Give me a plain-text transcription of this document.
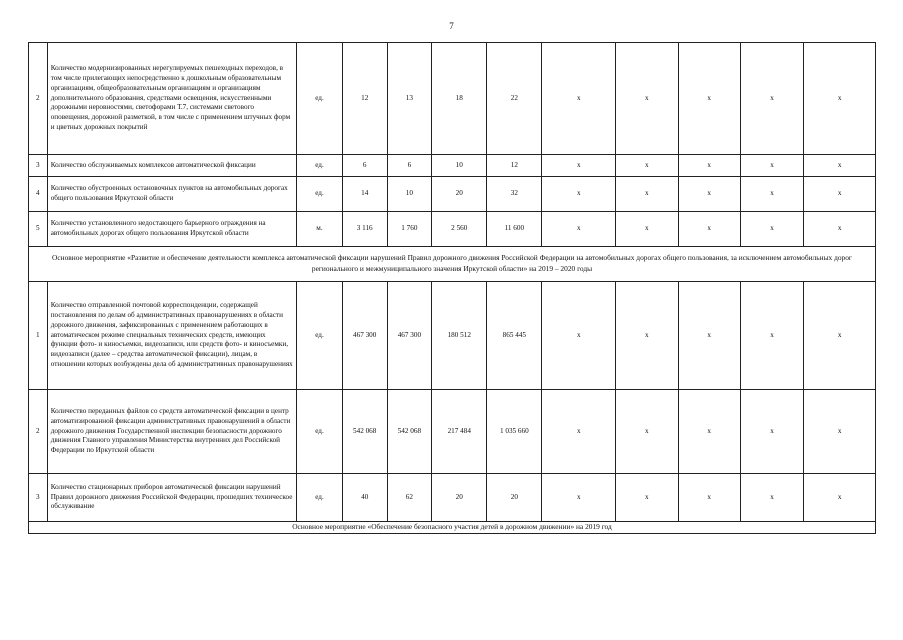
7
2	Количество модернизированных нерегулируемых пешеходных переходов, в том числе прилегающих непосредственно к дошкольным образовательным организациям, общеобразовательным организациям и организациям дополнительного образования, средствами освещения, искусственными дорожными неровностями, светофорами Т.7, системами светового оповещения, дорожной разметкой, в том числе с применением штучных форм и цветных дорожных покрытий	ед.	12	13	18	22	x	x	x	x	x
3	Количество обслуживаемых комплексов автоматической фиксации	ед.	6	6	10	12	x	x	x	x	x
4	Количество обустроенных остановочных пунктов на автомобильных дорогах общего пользования Иркутской области	ед.	14	10	20	32	x	x	x	x	x
5	Количество установленного недостающего барьерного ограждения на автомобильных дорогах общего пользования Иркутской области	м.	3 116	1 760	2 560	11 600	x	x	x	x	x
Основное мероприятие «Развитие и обеспечение деятельности комплекса автоматической фиксации нарушений Правил дорожного движения Российской Федерации на автомобильных дорогах общего пользования, за исключением автомобильных дорог регионального и межмуниципального значения Иркутской области» на 2019 – 2020 годы											
1	Количество отправленной почтовой корреспонденции, содержащей постановления по делам об административных правонарушениях в области дорожного движения, зафиксированных с применением работающих в автоматическом режиме специальных технических средств, имеющих функции фото- и киносъемки, видеозаписи, или средств фото- и киносъемки, видеозаписи (далее – средства автоматической фиксации), лицам, в отношении которых возбуждены дела об административных правонарушениях	ед.	467 300	467 300	180 512	865 445	x	x	x	x	x
2	Количество переданных файлов со средств автоматической фиксации в центр автоматизированной фиксации административных правонарушений в области дорожного движения Государственной инспекции безопасности дорожного движения Главного управления Министерства внутренних дел Российской Федерации по Иркутской области	ед.	542 068	542 068	217 484	1 035 660	x	x	x	x	x
3	Количество стационарных приборов автоматической фиксации нарушений Правил дорожного движения Российской Федерации, прошедших техническое обслуживание	ед.	40	62	20	20	x	x	x	x	x
Основное мероприятие «Обеспечение безопасного участия детей в дорожном движении» на 2019 год											
